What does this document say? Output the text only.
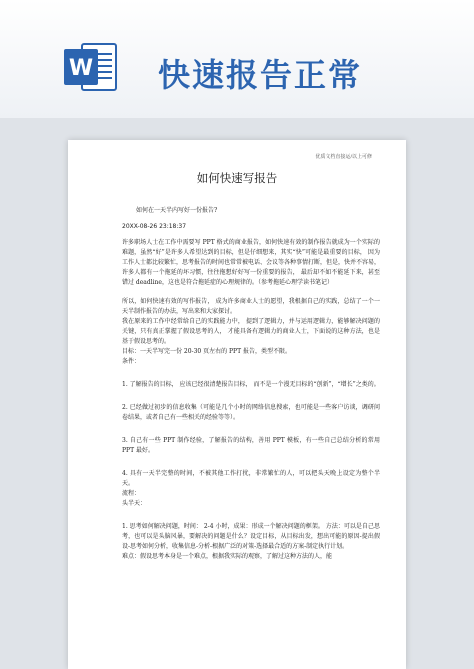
W 快速报告正常
优质文档直接运/以上可修
如何快速写报告

如何在一天半内写好一份报告?

20XX-08-26 23:18:37

许多职场人士在工作中需要写 PPT 格式的商业报告，如何快速有效的制作报告就成为一个实际的难题，虽然“好”是许多人希望达到的目标，但是仔细想来，其实“快”可能是最重要的目标， 因为工作人士都比较繁忙，思考报告的时间也常常被电话、会议等各种事情打断，但是，快并不容易，许多人都有一个拖延的坏习惯，往往拖想好好写一份重要的报告， 最后却不如不能延下来，甚至错过 deadline，这也是符合拖延症的心理规律的。（参考拖延心理学读书笔记）

所以，如何快速有效的写作报告， 成为许多商业人士的愿望，我根据自己的实践，总结了一个一天半制作报告的办法，写出来和大家探讨。

我在原来的工作中经常给自己的实践能力中， 提到了逻辑力，并与运用逻辑力，能够解决问题的关键，只有真正掌握了假设思考的人， 才能具备有逻辑力的商业人士，下面说的这种方法，也是基于假设思考的。

目标：一天半写完一份 20-30 页左右的 PPT 报告，类型不限。

条件：

1. 了解报告的目标， 应该已经很清楚报告目标， 而不是一个漫无目标的“创新”，“增长”之类的。

2. 已经做过初步的信息收集（可能是几个小时的网络信息搜索，也可能是一些客户访谈，调研问卷结果，或者自己有一些相关的经验等等）。

3. 自己有一些 PPT 制作经验，了解报告的结构，善用 PPT 模板，有一些自己总结分析的常用PPT 最好。

4. 具有一天半完整的时间，不被其他工作打扰，非常繁忙的人，可以把头天晚上设定为整个半天。

流程：

头半天：

1. 思考如何解决问题，时间： 2-4 小时，成果：形成一个解决问题的框架。 方法：可以是自己思考，也可以是头脑风暴，要解决的问题是什么？设定目标，从目标出发，想出可能的原因-提出假设-思考如何分析，收集信息-分析-根据广泛的对策-选择最合适的方案-制定执行计划。

难点：假设思考本身是一个难点，根据我实际的观察，了解过这种方法的人，能
